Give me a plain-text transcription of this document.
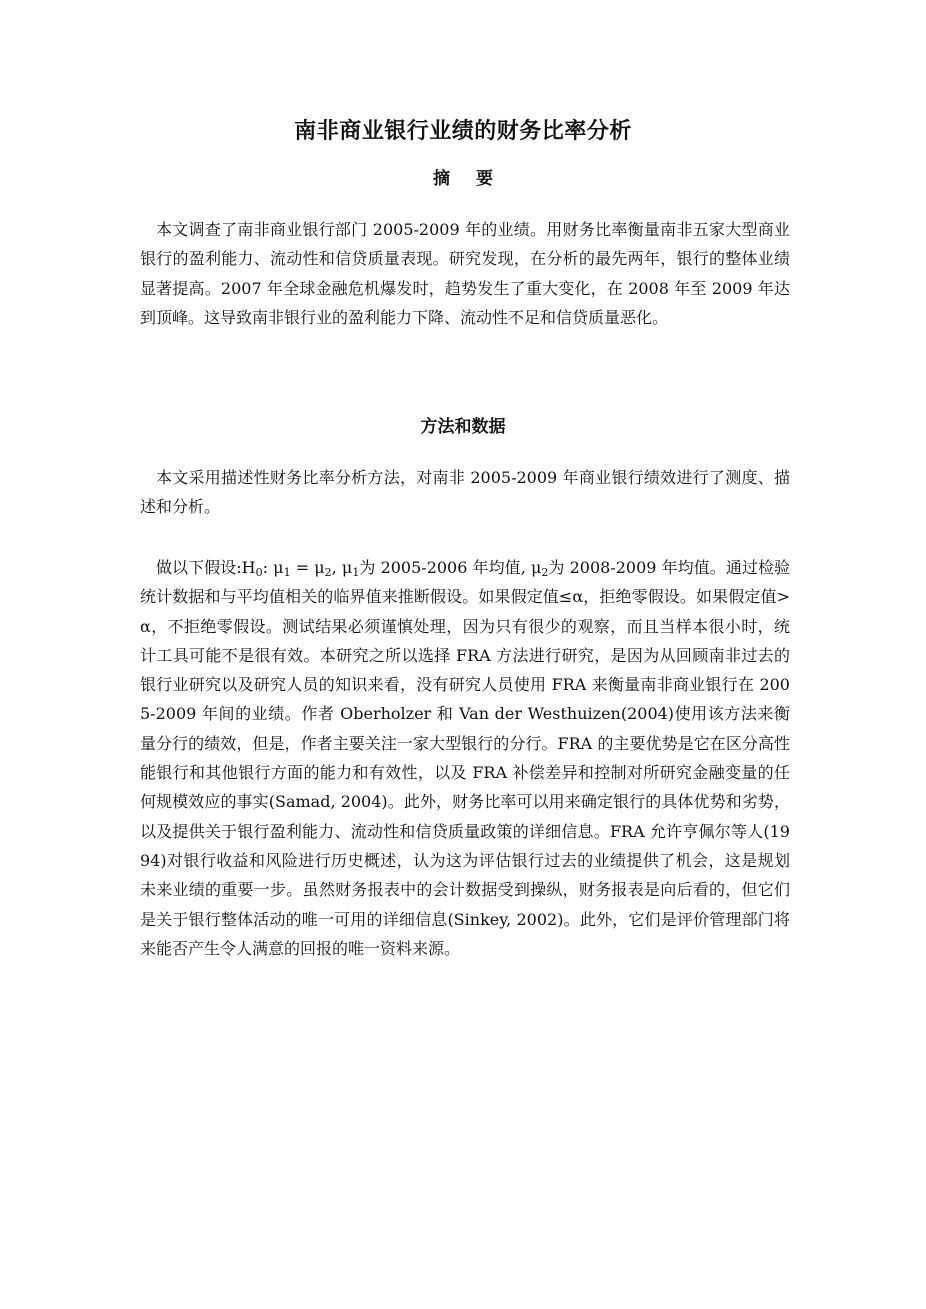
南非商业银行业绩的财务比率分析
摘 要

本文调查了南非商业银行部门 2005-2009 年的业绩。用财务比率衡量南非五家大型商业银行的盈利能力、流动性和信贷质量表现。研究发现，在分析的最先两年，银行的整体业绩显著提高。2007 年全球金融危机爆发时，趋势发生了重大变化，在 2008 年至 2009 年达到顶峰。这导致南非银行业的盈利能力下降、流动性不足和信贷质量恶化。

方法和数据

本文采用描述性财务比率分析方法，对南非 2005-2009 年商业银行绩效进行了测度、描述和分析。

做以下假设$:H_0$: $\mu_1 = \mu_2$, $\mu_1$为 2005-2006 年均值, $\mu_2$为 2008-2009 年均值。通过检验统计数据和与平均值相关的临界值来推断假设。如果假定值≤α，拒绝零假设。如果假定值>α，不拒绝零假设。测试结果必须谨慎处理，因为只有很少的观察，而且当样本很小时，统计工具可能不是很有效。本研究之所以选择 FRA 方法进行研究，是因为从回顾南非过去的银行业研究以及研究人员的知识来看，没有研究人员使用 FRA 来衡量南非商业银行在 2005-2009 年间的业绩。作者 Oberholzer 和 Van der Westhuizen(2004)使用该方法来衡量分行的绩效，但是，作者主要关注一家大型银行的分行。FRA 的主要优势是它在区分高性能银行和其他银行方面的能力和有效性，以及 FRA 补偿差异和控制对所研究金融变量的任何规模效应的事实(Samad, 2004)。此外，财务比率可以用来确定银行的具体优势和劣势，以及提供关于银行盈利能力、流动性和信贷质量政策的详细信息。FRA 允许亨佩尔等人(1994)对银行收益和风险进行历史概述，认为这为评估银行过去的业绩提供了机会，这是规划未来业绩的重要一步。虽然财务报表中的会计数据受到操纵，财务报表是向后看的，但它们是关于银行整体活动的唯一可用的详细信息(Sinkey, 2002)。此外，它们是评价管理部门将来能否产生令人满意的回报的唯一资料来源。
